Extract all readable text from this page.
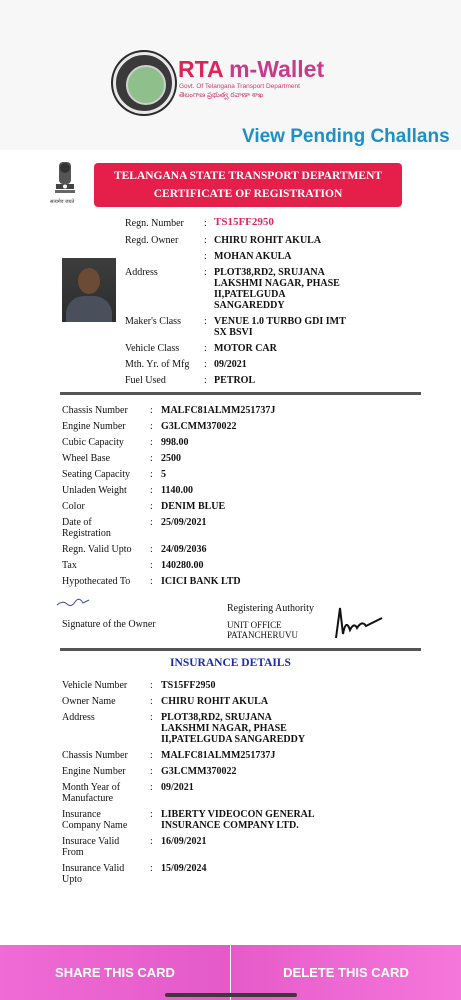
RTA m-Wallet
Govt. Of Telangana Transport Department
తెలంగాణ ప్రభుత్వ రవాణా శాఖ
View Pending Challans
सत्यमेव जयते
TELANGANA STATE TRANSPORT DEPARTMENT
CERTIFICATE OF REGISTRATION
Regn. Number : TS15FF2950
Regd. Owner	: CHIRU ROHIT AKULA
: MOHAN AKULA
Address	: PLOT38,RD2, SRUJANA
LAKSHMI NAGAR, PHASE
II,PATELGUDA
SANGAREDDY
Maker's Class : VENUE 1.0 TURBO GDI IMT
SX BSVI
Vehicle Class : MOTOR CAR
Mth. Yr. of Mfg : 09/2021
Fuel Used	: PETROL
Chassis Number : MALFC81ALMM251737J
Engine Number : G3LCMM370022
Cubic Capacity	: 998.00
Wheel Base	: 2500
Seating Capacity : 5
Unladen Weight : 1140.00
Color	: DENIM BLUE
Date of
Registration
: 25/09/2021
Regn. Valid Upto : 24/09/2036
Tax	: 140280.00
Hypothecated To : ICICI BANK LTD
Signature of the Owner
Registering Authority
UNIT OFFICE
PATANCHERUVU
INSURANCE DETAILS
Vehicle Number : TS15FF2950
Owner Name	: CHIRU ROHIT AKULA
Address	: PLOT38,RD2, SRUJANA
LAKSHMI NAGAR, PHASE
II,PATELGUDA SANGAREDDY
Chassis Number : MALFC81ALMM251737J
Engine Number : G3LCMM370022
Month Year of
Manufacture
: 09/2021
Insurance
Company Name
: LIBERTY VIDEOCON GENERAL
INSURANCE COMPANY LTD.
Insurace Valid
From
: 16/09/2021
Insurance Valid
Upto
: 15/09/2024
SHARE THIS CARD	DELETE THIS CARD
